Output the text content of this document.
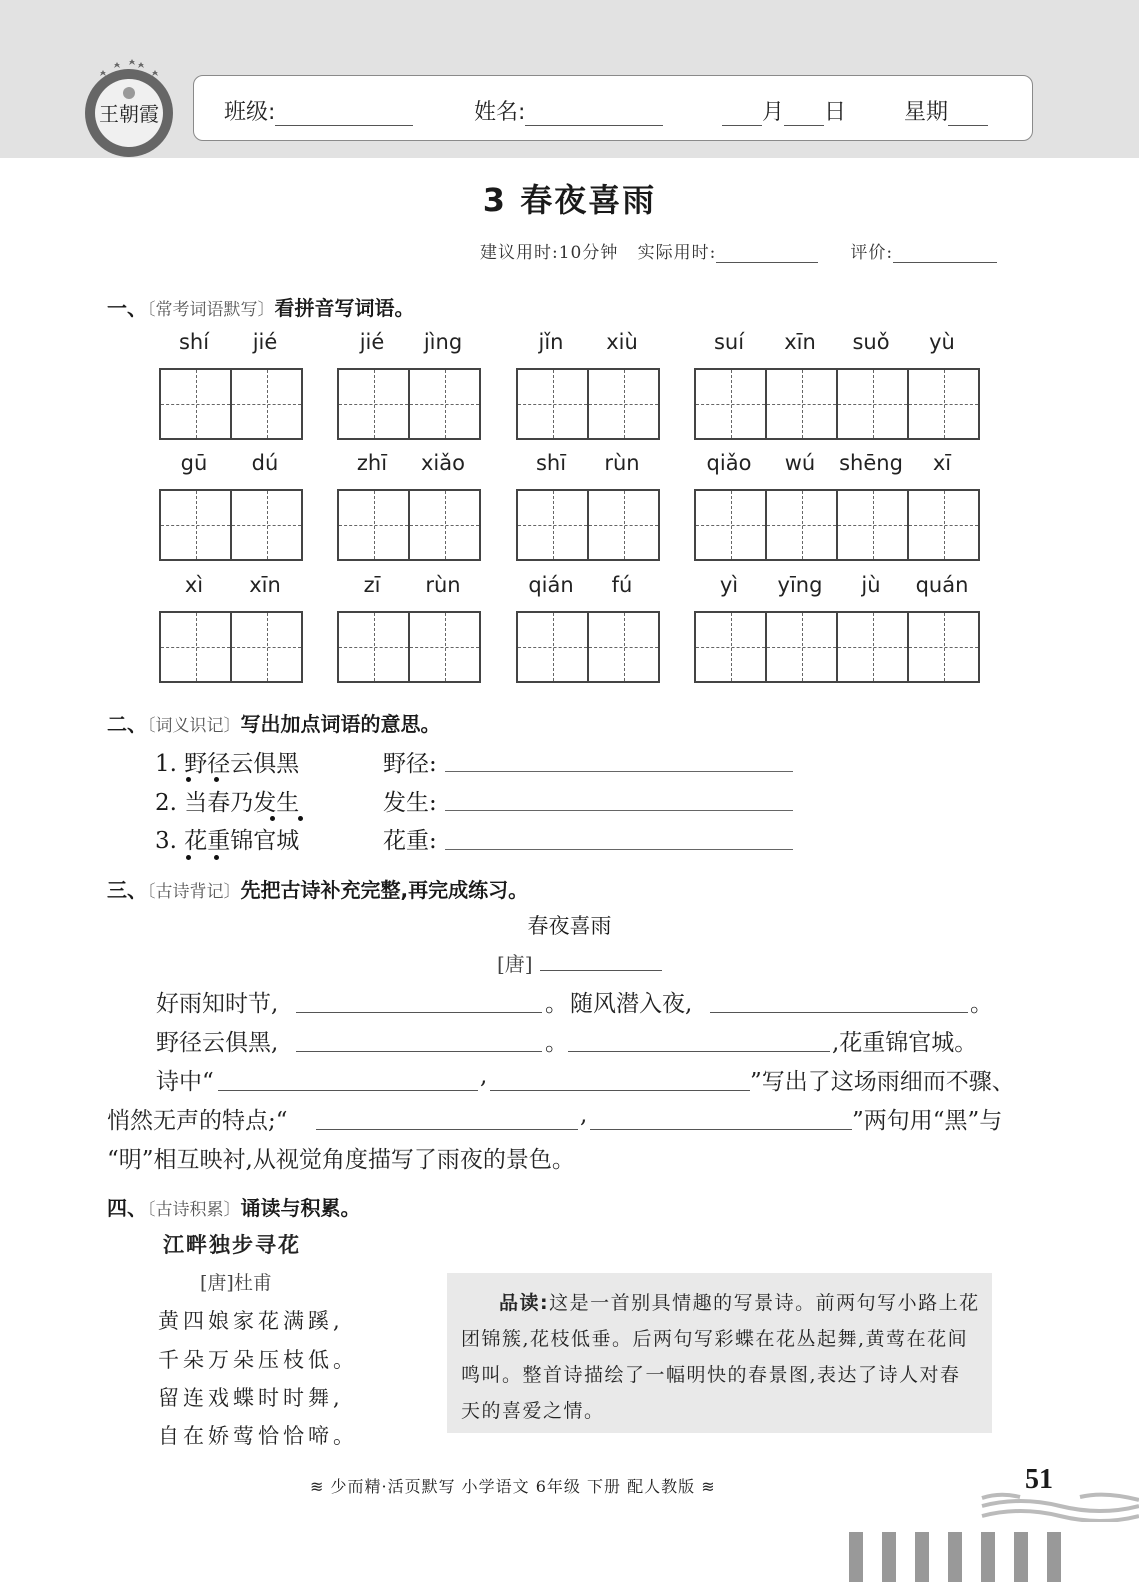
王朝霞	班级:	姓名:	月 日	星期
3 春夜喜雨
建议用时:10分钟 实际用时:	评价:
一、〔常考词语默写〕看拼音写词语。
shí	jié	jié	jìng	jǐn	xiù	suí	xīn	suǒ	yù
gū	dú	zhī	xiǎo	shī	rùn	qiǎo	wú	shēng	xī
xì	xīn	zī	rùn	qián	fú	yì	yīng	jù	quán
二、〔词义识记〕写出加点词语的意思。
1. 野径云俱黑	野径:
2. 当春乃发生	发生:
3. 花重锦官城	花重:
三、〔古诗背记〕先把古诗补充完整,再完成练习。
春夜喜雨
[唐]
好雨知时节,	。 随风潜入夜,	。
野径云俱黑,	。	,花重锦官城。
诗中“	,	”写出了这场雨细而不骤、
悄然无声的特点;“	,	”两句用“黑”与
“明”相互映衬,从视觉角度描写了雨夜的景色。
四、〔古诗积累〕诵读与积累。
江畔独步寻花
[唐]杜甫
黄四娘家花满蹊,
千朵万朵压枝低。
留连戏蝶时时舞,
自在娇莺恰恰啼。
品读:这是一首别具情趣的写景诗。前两句写小路上花团锦簇,花枝低垂。后两句写彩蝶在花丛起舞,黄莺在花间鸣叫。整首诗描绘了一幅明快的春景图,表达了诗人对春天的喜爱之情。
≋ 少而精·活页默写 小学语文 6年级 下册 配人教版 ≋	51
